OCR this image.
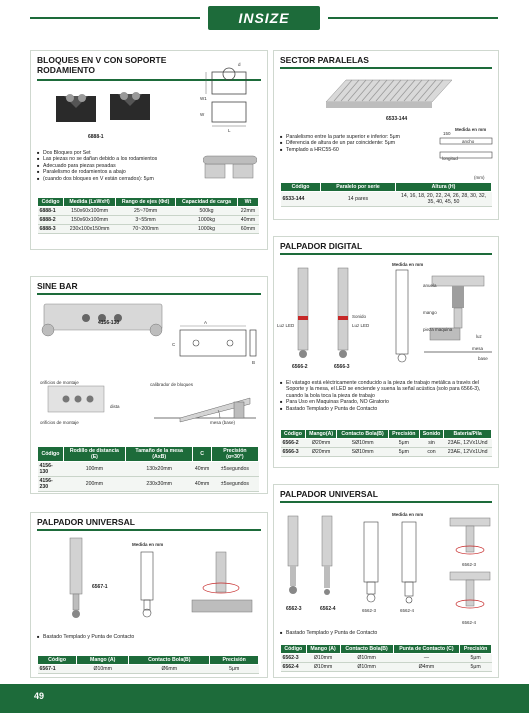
INSIZE
BLOQUES EN V CON SOPORTE RODAMIENTO
6888-1
W1
W
L
d
■ Dos Bloques por Set
■ Las piezas no se dañan debido a los rodamientos
■ Adecuado para piezas pesadas
■ Paralelismo de rodamientos a abajo
■ (cuando dos bloques en V están cerrados): 5μm
Código	Medida (LxWxH)	Rango de ejes (Φd)	Capacidad de carga	Wt
6888-1	150x60x100mm	25~70mm	500kg	22mm
6888-2	150x60x100mm	3~55mm	1000kg	40mm
6888-3	230x100x150mm	70~200mm	1000kg	60mm
SECTOR PARALELAS
6533-144
Medida en mm
150
ancho
longitud
■ Paralelismo entre la parte superior e inferior: 5μm
■ Diferencia de altura de un par coincidente: 5μm
■ Templado a HRC55-60
(mm)
Código	Paralelo por serie	Altura (H)
6533-144	14 pares	14, 16, 18, 20, 22, 24, 26, 28, 30, 32, 35, 40, 45, 50
SINE BAR
4156-130	A
C
B
orificios de montaje
dista
orificios de montaje
calibrador de bloques
mesa (base)
Código	Rodillo de distancia (E)	Tamaño de la mesa (AxB)	C	Precisión (α=30°)
4156-130	100mm	130x20mm	40mm	±5segundos
4156-230	200mm	230x30mm	40mm	±5segundos
PALPADOR DIGITAL
Medida en mm
Luz LED
Sonido
Luz LED
6566-2	6566-3
anuela
mango
pieza maquina
luz
mesa
base
■ El vástago está eléctricamente conducido a la pieza de trabajo metálica a través del Soporte y la mesa, el LED se enciende y suena la señal acústica (solo para 6566-3), cuando la bola toca la pieza de trabajo
■ Para Uso en Maquinas Parado, NO Giratorio
■ Bastado Templado y Punta de Contacto
Código	Mango(A)	Contacto Bola(B)	Precisión	Sonido	Batería/Pila
6566-2	Ø20mm	SØ10mm	5μm	sin	23AE, 12Vx1Und
6566-3	Ø20mm	SØ10mm	5μm	con	23AE, 12Vx1Und
PALPADOR UNIVERSAL
Medida en mm
6567-1
■ Bastado Templado y Punta de Contacto
Código	Mango (A)	Contacto Bola(B)	Precisión
6567-1	Ø10mm	Ø6mm	5μm
PALPADOR UNIVERSAL
Medida en mm
6562-3	6562-4	6562-3	6562-4
6562-3
6562-4
■ Bastado Templado y Punta de Contacto
Código	Mango (A)	Contacto Bola(B)	Punta de Contacto (C)	Precisión
6562-3	Ø10mm	Ø10mm	—	5μm
6562-4	Ø10mm	Ø10mm	Ø4mm	5μm
49
